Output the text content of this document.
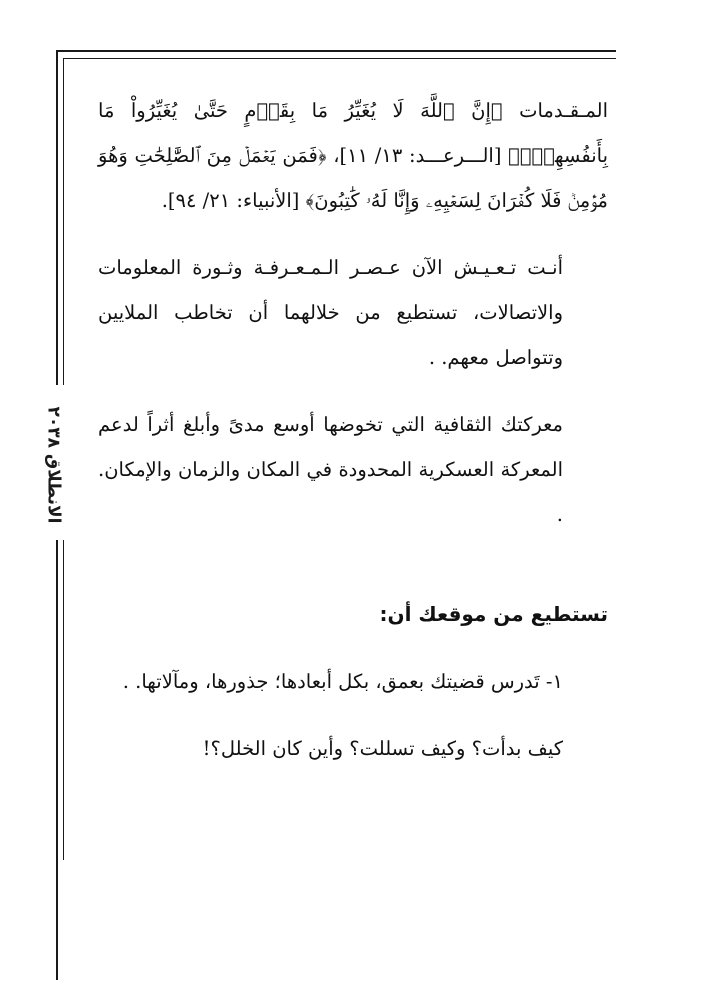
الانطلاق ٢٠٣٨

المـقـدمات ﴿إِنَّ ٱللَّهَ لَا يُغَيِّرُ مَا بِقَوۡمٍ حَتَّىٰ يُغَيِّرُواْ مَا بِأَنفُسِهِمۡۗ﴾ [الـــرعـــد: ١٣/ ١١]، ﴿فَمَن يَعۡمَلۡ مِنَ ٱلصَّٰلِحَٰتِ وَهُوَ مُؤۡمِنٞ فَلَا كُفۡرَانَ لِسَعۡيِهِۦ وَإِنَّا لَهُۥ كَٰتِبُونَ﴾ [الأنبياء: ٢١/ ٩٤].

أنـت تـعـيـش الآن عـصـر الـمـعـرفـة وثـورة المعلومات والاتصالات، تستطيع من خلالهما أن تخاطب الملايين وتتواصل معهم. .

معركتك الثقافية التي تخوضها أوسع مدىً وأبلغ أثراً لدعم المعركة العسكرية المحدودة في المكان والزمان والإمكان. .

تستطيع من موقعك أن:

١- تَدرس قضيتك بعمق، بكل أبعادها؛ جذورها، ومآلاتها. .

كيف بدأت؟ وكيف تسللت؟ وأين كان الخلل؟!
